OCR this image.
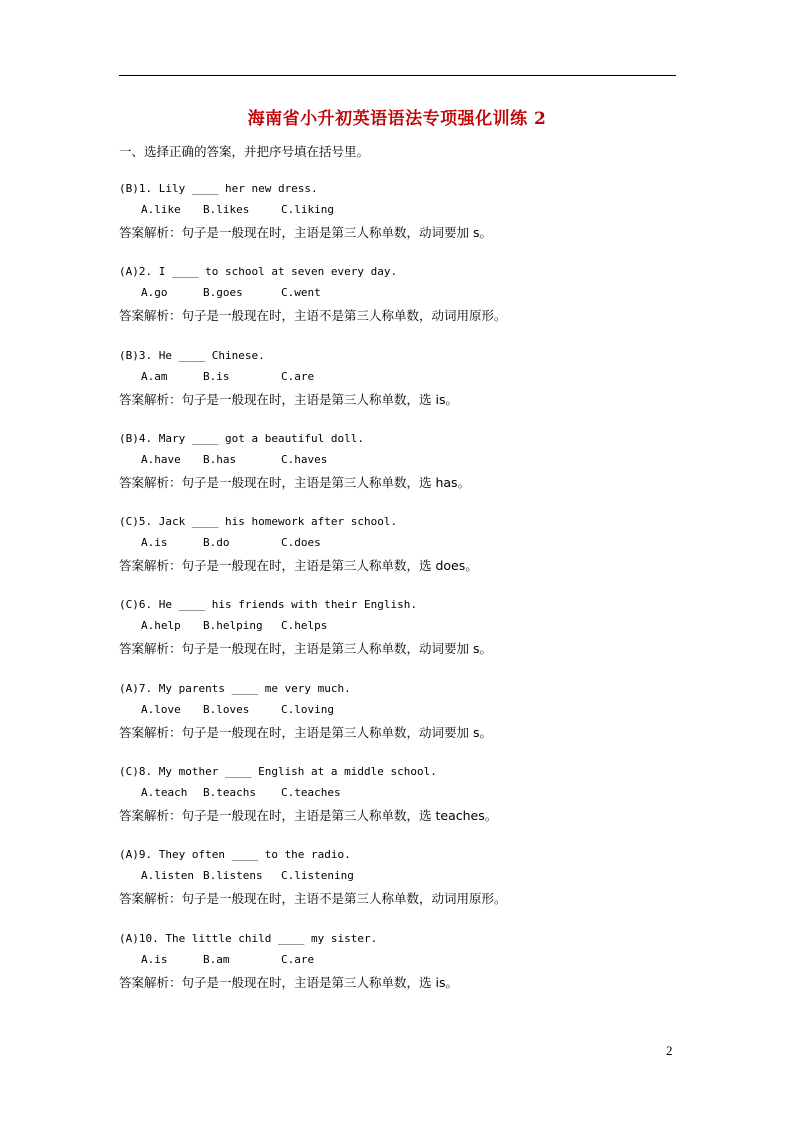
海南省小升初英语语法专项强化训练 2
一、选择正确的答案，并把序号填在括号里。
(B)1. Lily ____ her new dress.
A.like B.likes	C.liking
答案解析：句子是一般现在时，主语是第三人称单数，动词要加 s。
(A)2. I ____ to school at seven every day.
A.go	B.goes	C.went
答案解析：句子是一般现在时，主语不是第三人称单数，动词用原形。
(B)3. He ____ Chinese.
A.am	B.is	C.are
答案解析：句子是一般现在时，主语是第三人称单数，选 is。
(B)4. Mary ____ got a beautiful doll.
A.have B.has	C.haves
答案解析：句子是一般现在时，主语是第三人称单数，选 has。
(C)5. Jack ____ his homework after school.
A.is	B.do	C.does
答案解析：句子是一般现在时，主语是第三人称单数，选 does。
(C)6. He ____ his friends with their English.
A.help B.helping C.helps
答案解析：句子是一般现在时，主语是第三人称单数，动词要加 s。
(A)7. My parents ____ me very much.
A.love B.loves	C.loving
答案解析：句子是一般现在时，主语是第三人称单数，动词要加 s。
(C)8. My mother ____ English at a middle school.
A.teach B.teachs C.teaches
答案解析：句子是一般现在时，主语是第三人称单数，选 teaches。
(A)9. They often ____ to the radio.
A.listen B.listens C.listening
答案解析：句子是一般现在时，主语不是第三人称单数，动词用原形。
(A)10. The little child ____ my sister.
A.is	B.am	C.are
答案解析：句子是一般现在时，主语是第三人称单数，选 is。
2
